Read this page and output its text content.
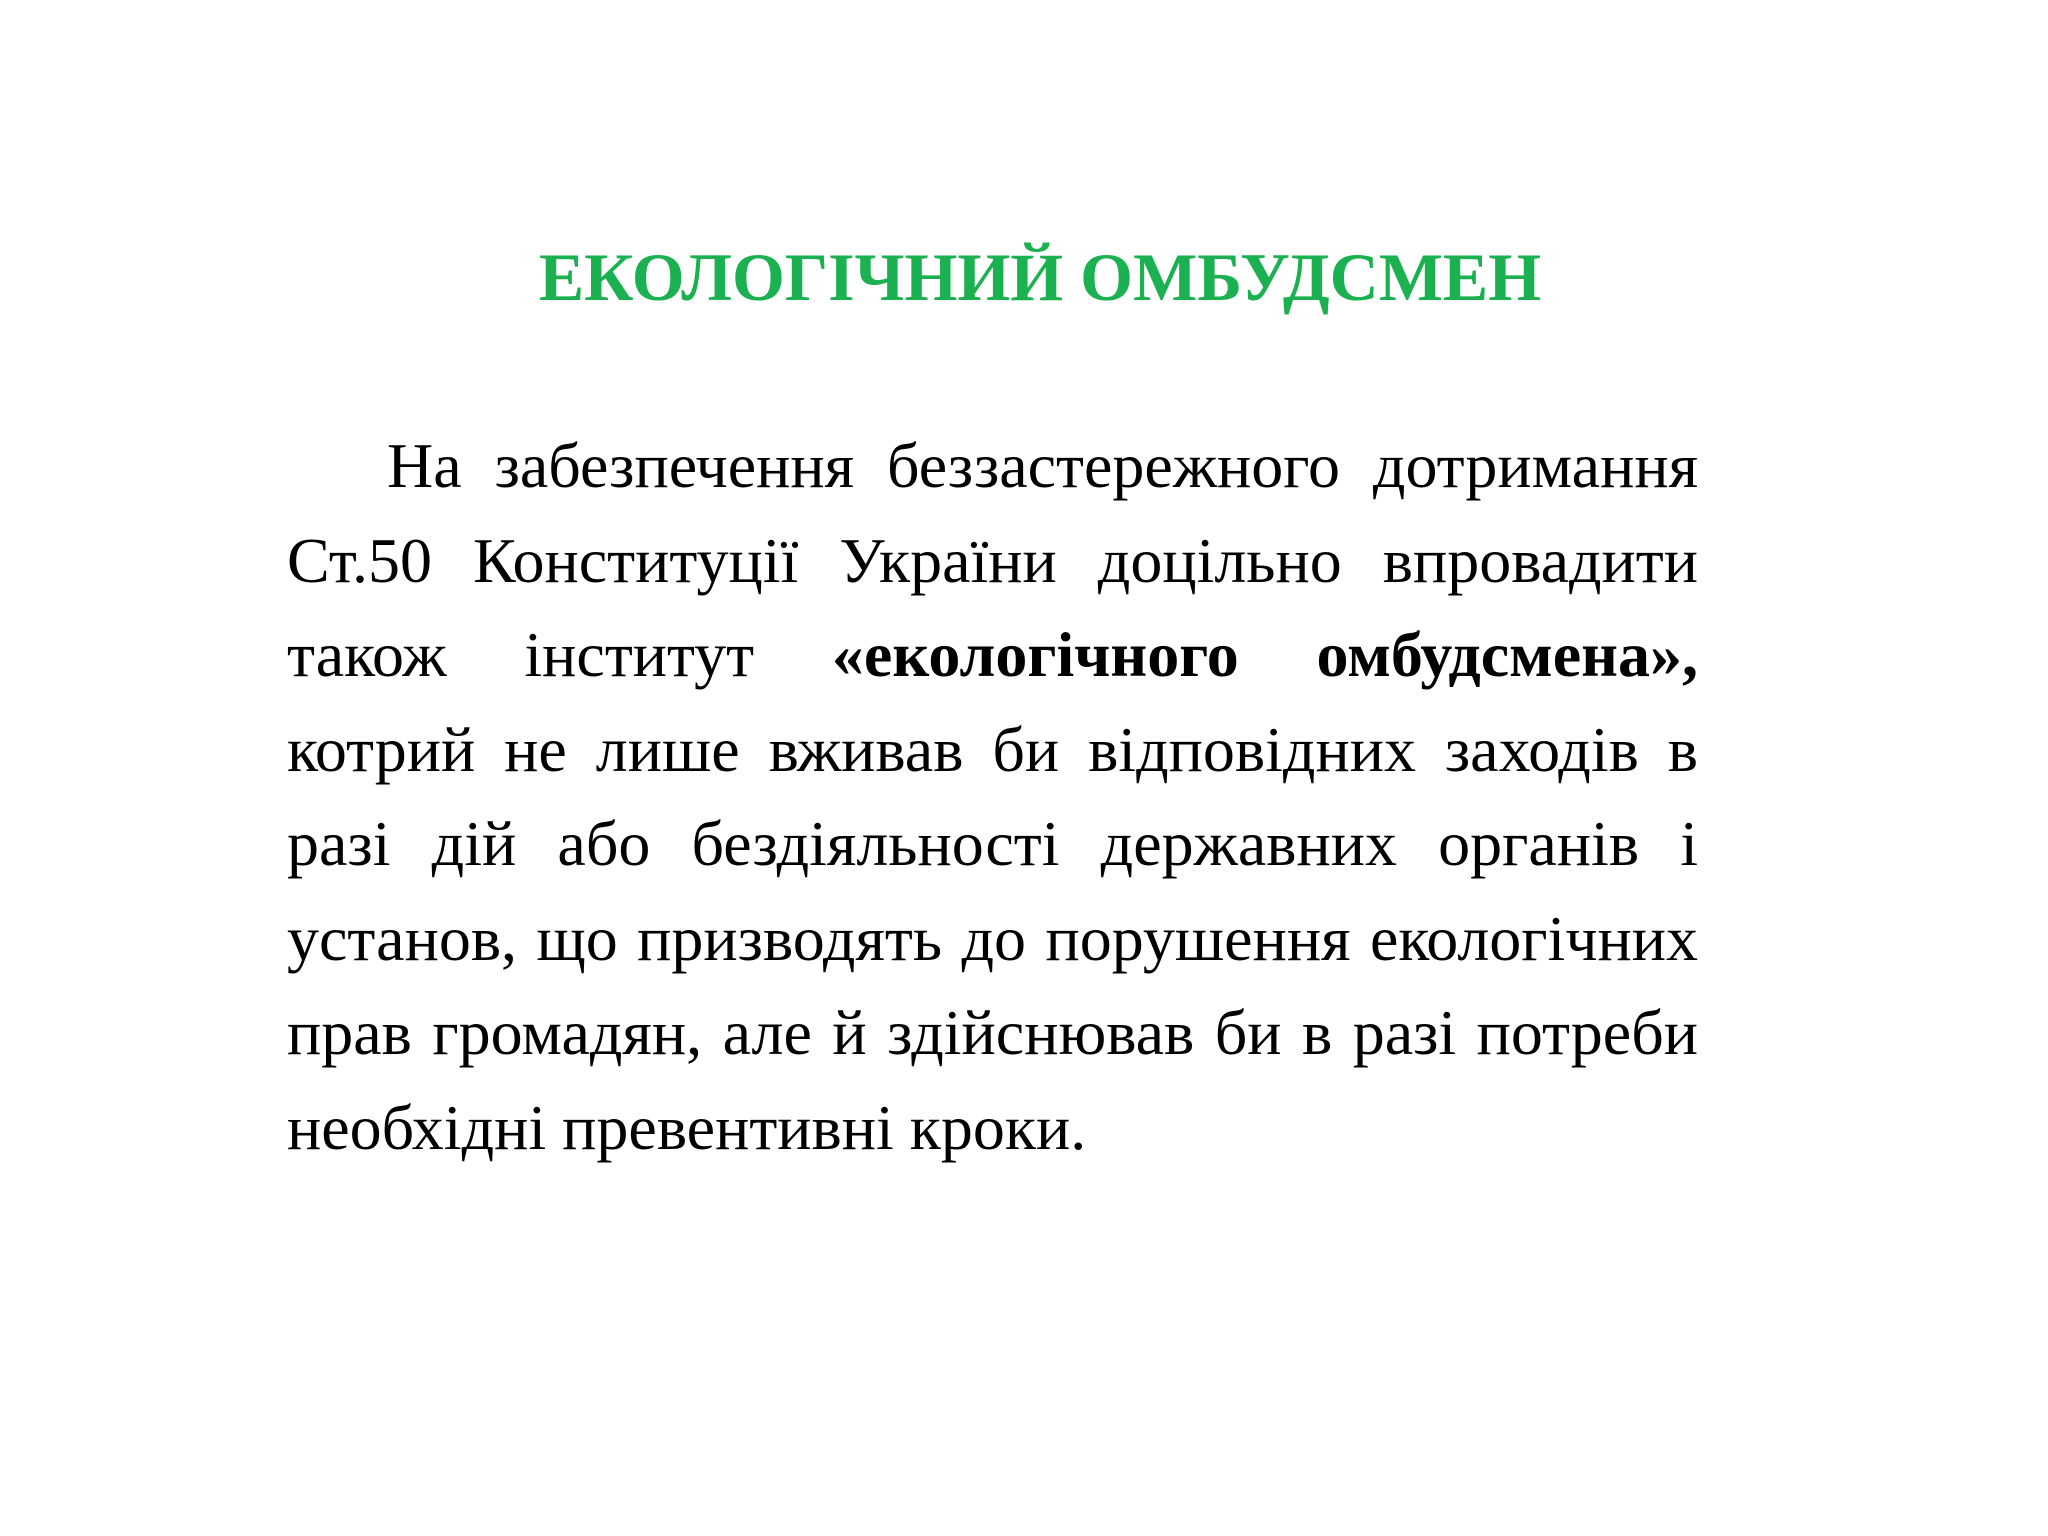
ЕКОЛОГІЧНИЙ ОМБУДСМЕН

На забезпечення беззастережного дотримання Ст.50 Конституції України доцільно впровадити також інститут «екологічного омбудсмена», котрий не лише вживав би відповідних заходів в разі дій або бездіяльності державних органів і установ, що призводять до порушення екологічних прав громадян, але й здійснював би в разі потреби необхідні превентивні кроки.
